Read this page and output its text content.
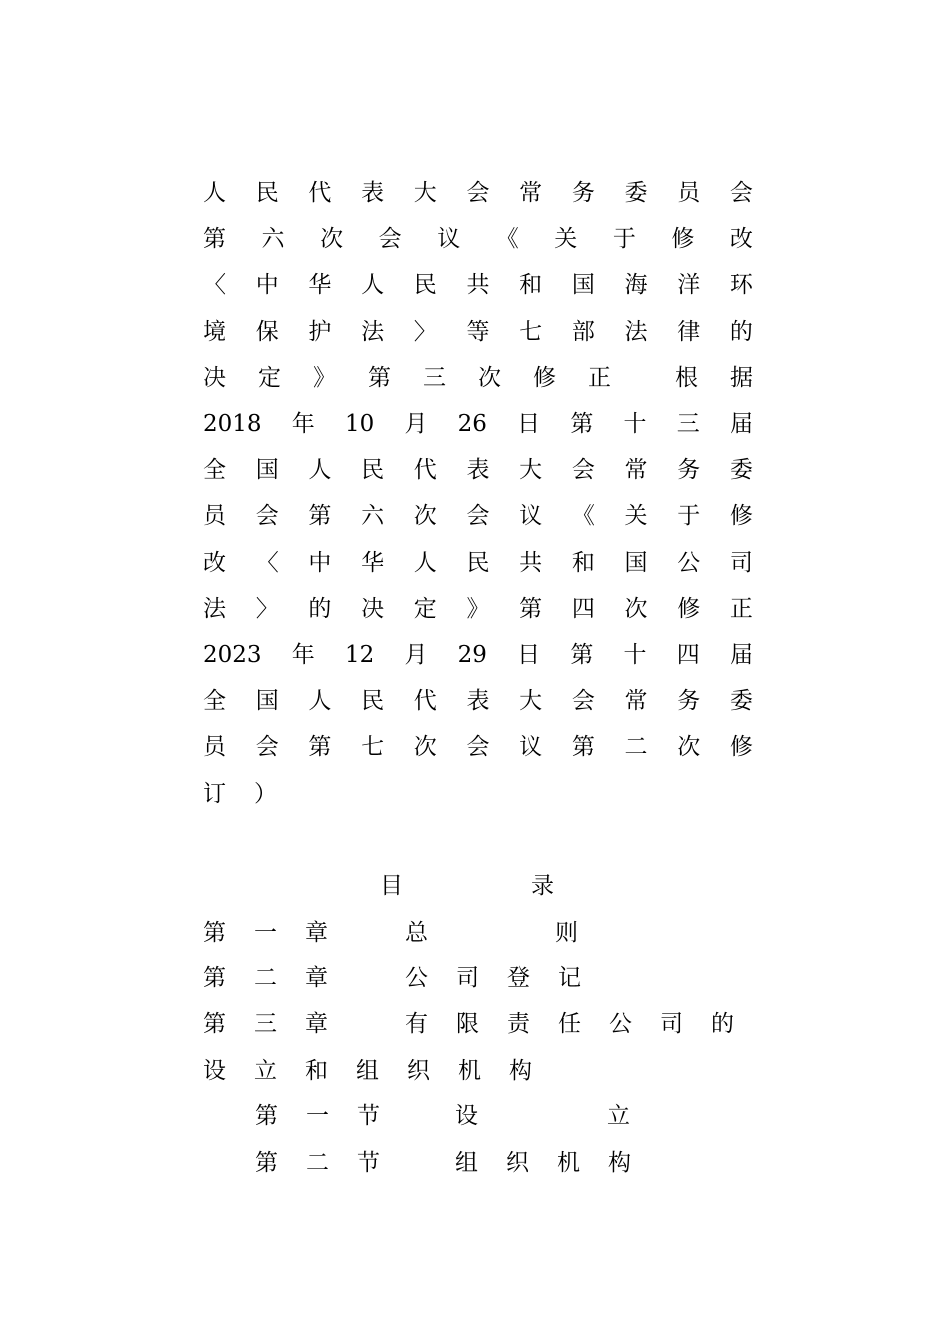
人 民 代 表 大 会 常 务 委 员 会
第 六 次 会 议 《 关 于 修 改
〈 中 华 人 民 共 和 国 海 洋 环
境 保 护 法 〉 等 七 部 法 律 的
决 定 》 第 三 次 修 正	根 据
2018 年 10 月 26 日 第 十 三 届
全 国 人 民 代 表 大 会 常 务 委
员 会 第 六 次 会 议 《 关 于 修
改 〈 中 华 人 民 共 和 国 公 司
法 〉 的 决 定 》 第 四 次 修 正
2023 年 12 月 29 日 第 十 四 届
全 国 人 民 代 表 大 会 常 务 委
员 会 第 七 次 会 议 第 二 次 修
订 ）
目	录
第	一	章	总	则
第	二	章	公	司	登	记
第	三	章	有	限	责	任	公	司	的
设	立	和	组	织	机	构
第	一	节	设	立
第	二	节	组	织	机	构
